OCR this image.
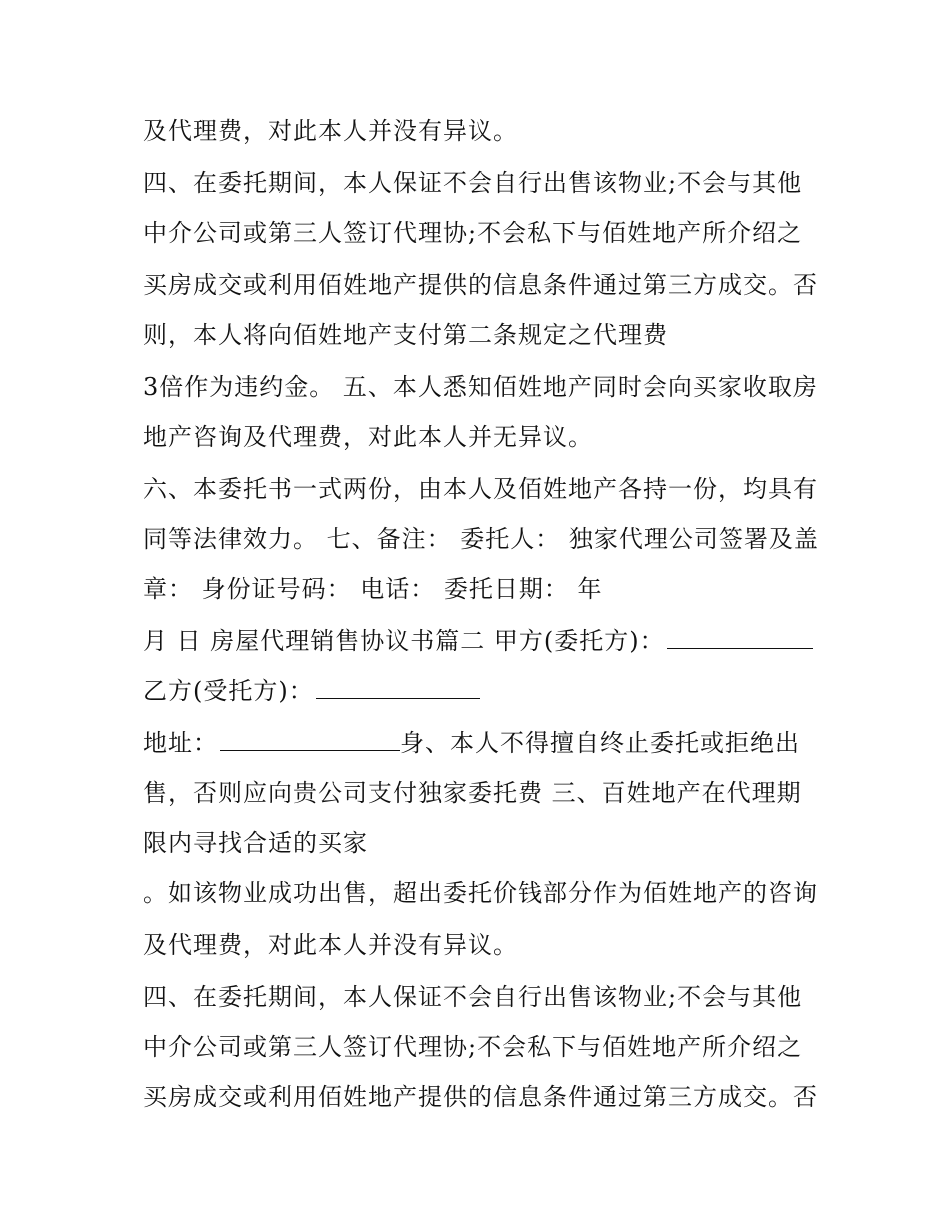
及代理费，对此本人并没有异议。
四、在委托期间，本人保证不会自行出售该物业;不会与其他
中介公司或第三人签订代理协;不会私下与佰姓地产所介绍之
买房成交或利用佰姓地产提供的信息条件通过第三方成交。否
则，本人将向佰姓地产支付第二条规定之代理费
3倍作为违约金。 五、本人悉知佰姓地产同时会向买家收取房
地产咨询及代理费，对此本人并无异议。
六、本委托书一式两份，由本人及佰姓地产各持一份，均具有
同等法律效力。 七、备注： 委托人： 独家代理公司签署及盖
章： 身份证号码： 电话： 委托日期： 年
月 日 房屋代理销售协议书篇二 甲方(委托方)：
乙方(受托方)：
地址：	身、本人不得擅自终止委托或拒绝出
售，否则应向贵公司支付独家委托费 三、百姓地产在代理期
限内寻找合适的买家
。如该物业成功出售，超出委托价钱部分作为佰姓地产的咨询
及代理费，对此本人并没有异议。
四、在委托期间，本人保证不会自行出售该物业;不会与其他
中介公司或第三人签订代理协;不会私下与佰姓地产所介绍之
买房成交或利用佰姓地产提供的信息条件通过第三方成交。否
